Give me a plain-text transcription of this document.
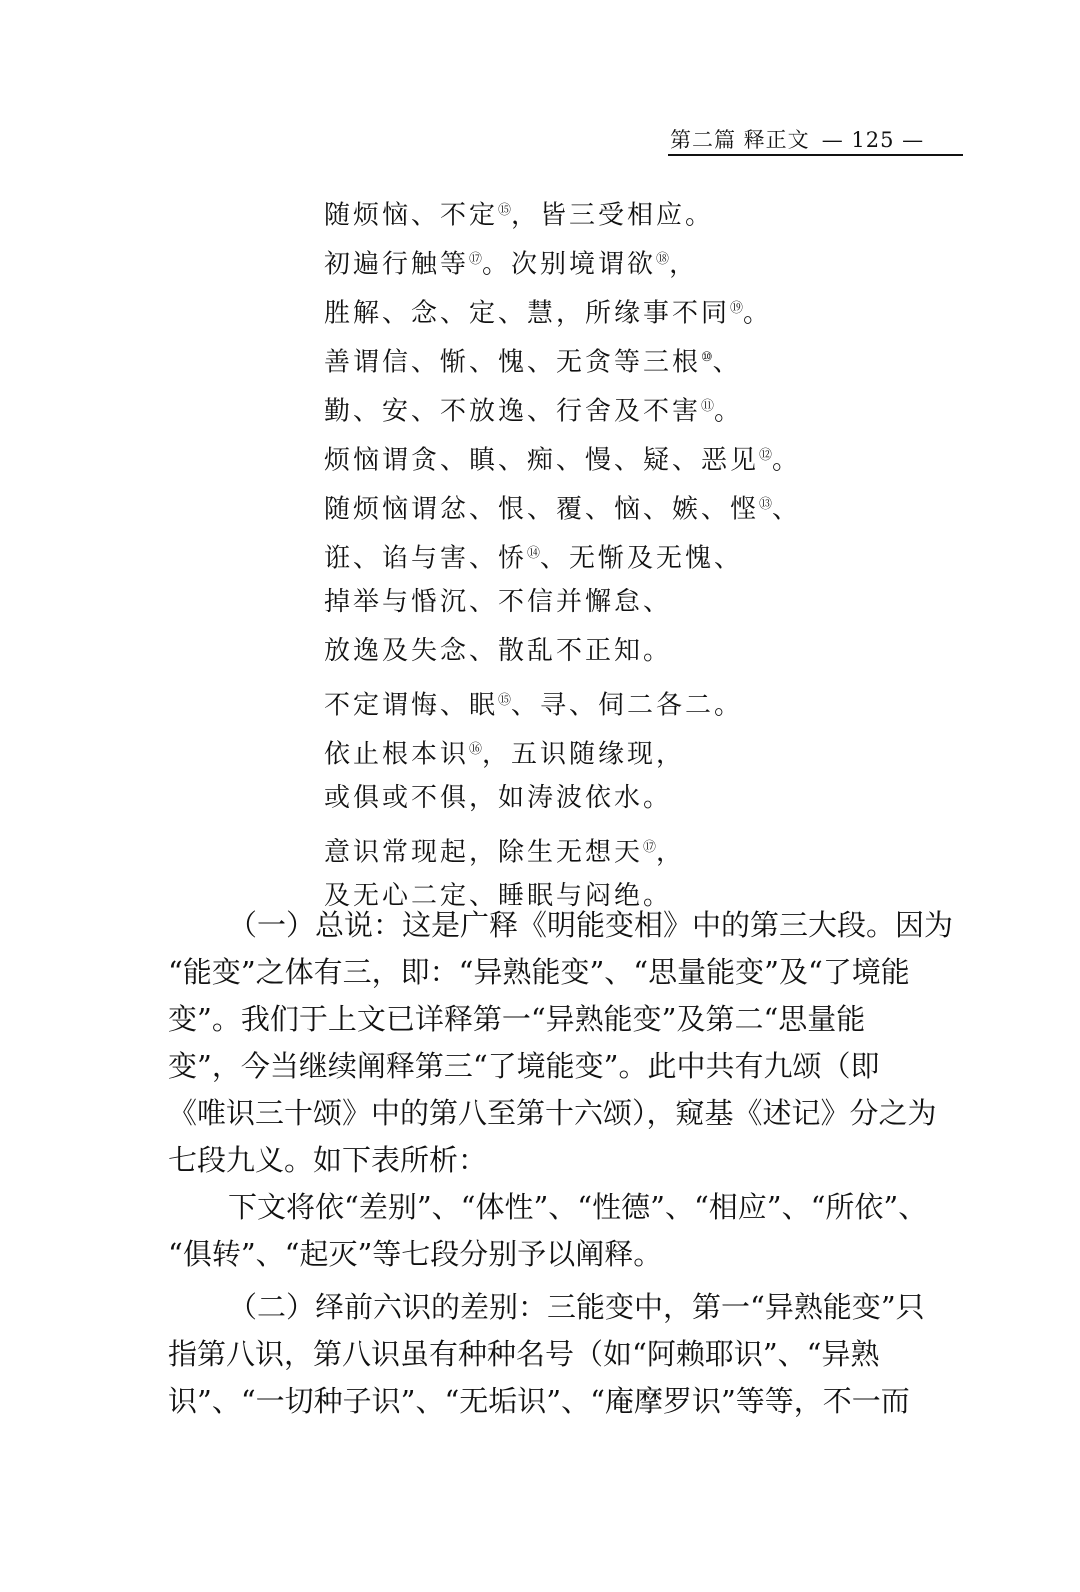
第二篇 释正文 — 125 —
随烦恼、不定⑮，皆三受相应。
初遍行触等⑰。次别境谓欲⑱，
胜解、念、定、慧，所缘事不同⑲。
善谓信、惭、愧、无贪等三根⑩、
勤、安、不放逸、行舍及不害⑪。
烦恼谓贪、瞋、痴、慢、疑、恶见⑫。
随烦恼谓忿、恨、覆、恼、嫉、悭⑬、
诳、谄与害、㤭⑭、无惭及无愧、
掉举与惛沉、不信并懈怠、
放逸及失念、散乱不正知。
不定谓悔、眠⑮、寻、伺二各二。
依止根本识⑯，五识随缘现，
或俱或不俱，如涛波依水。
意识常现起，除生无想天⑰，
及无心二定、睡眠与闷绝。
（一）总说：这是广释《明能变相》中的第三大段。因为
“能变”之体有三，即：“异熟能变”、“思量能变”及“了境能
变”。我们于上文已详释第一“异熟能变”及第二“思量能
变”，今当继续阐释第三“了境能变”。此中共有九颂（即
《唯识三十颂》中的第八至第十六颂），窥基《述记》分之为
七段九义。如下表所析：
下文将依“差别”、“体性”、“性德”、“相应”、“所依”、
“俱转”、“起灭”等七段分别予以阐释。
（二）绎前六识的差别：三能变中，第一“异熟能变”只
指第八识，第八识虽有种种名号（如“阿赖耶识”、“异熟
识”、“一切种子识”、“无垢识”、“庵摩罗识”等等，不一而
